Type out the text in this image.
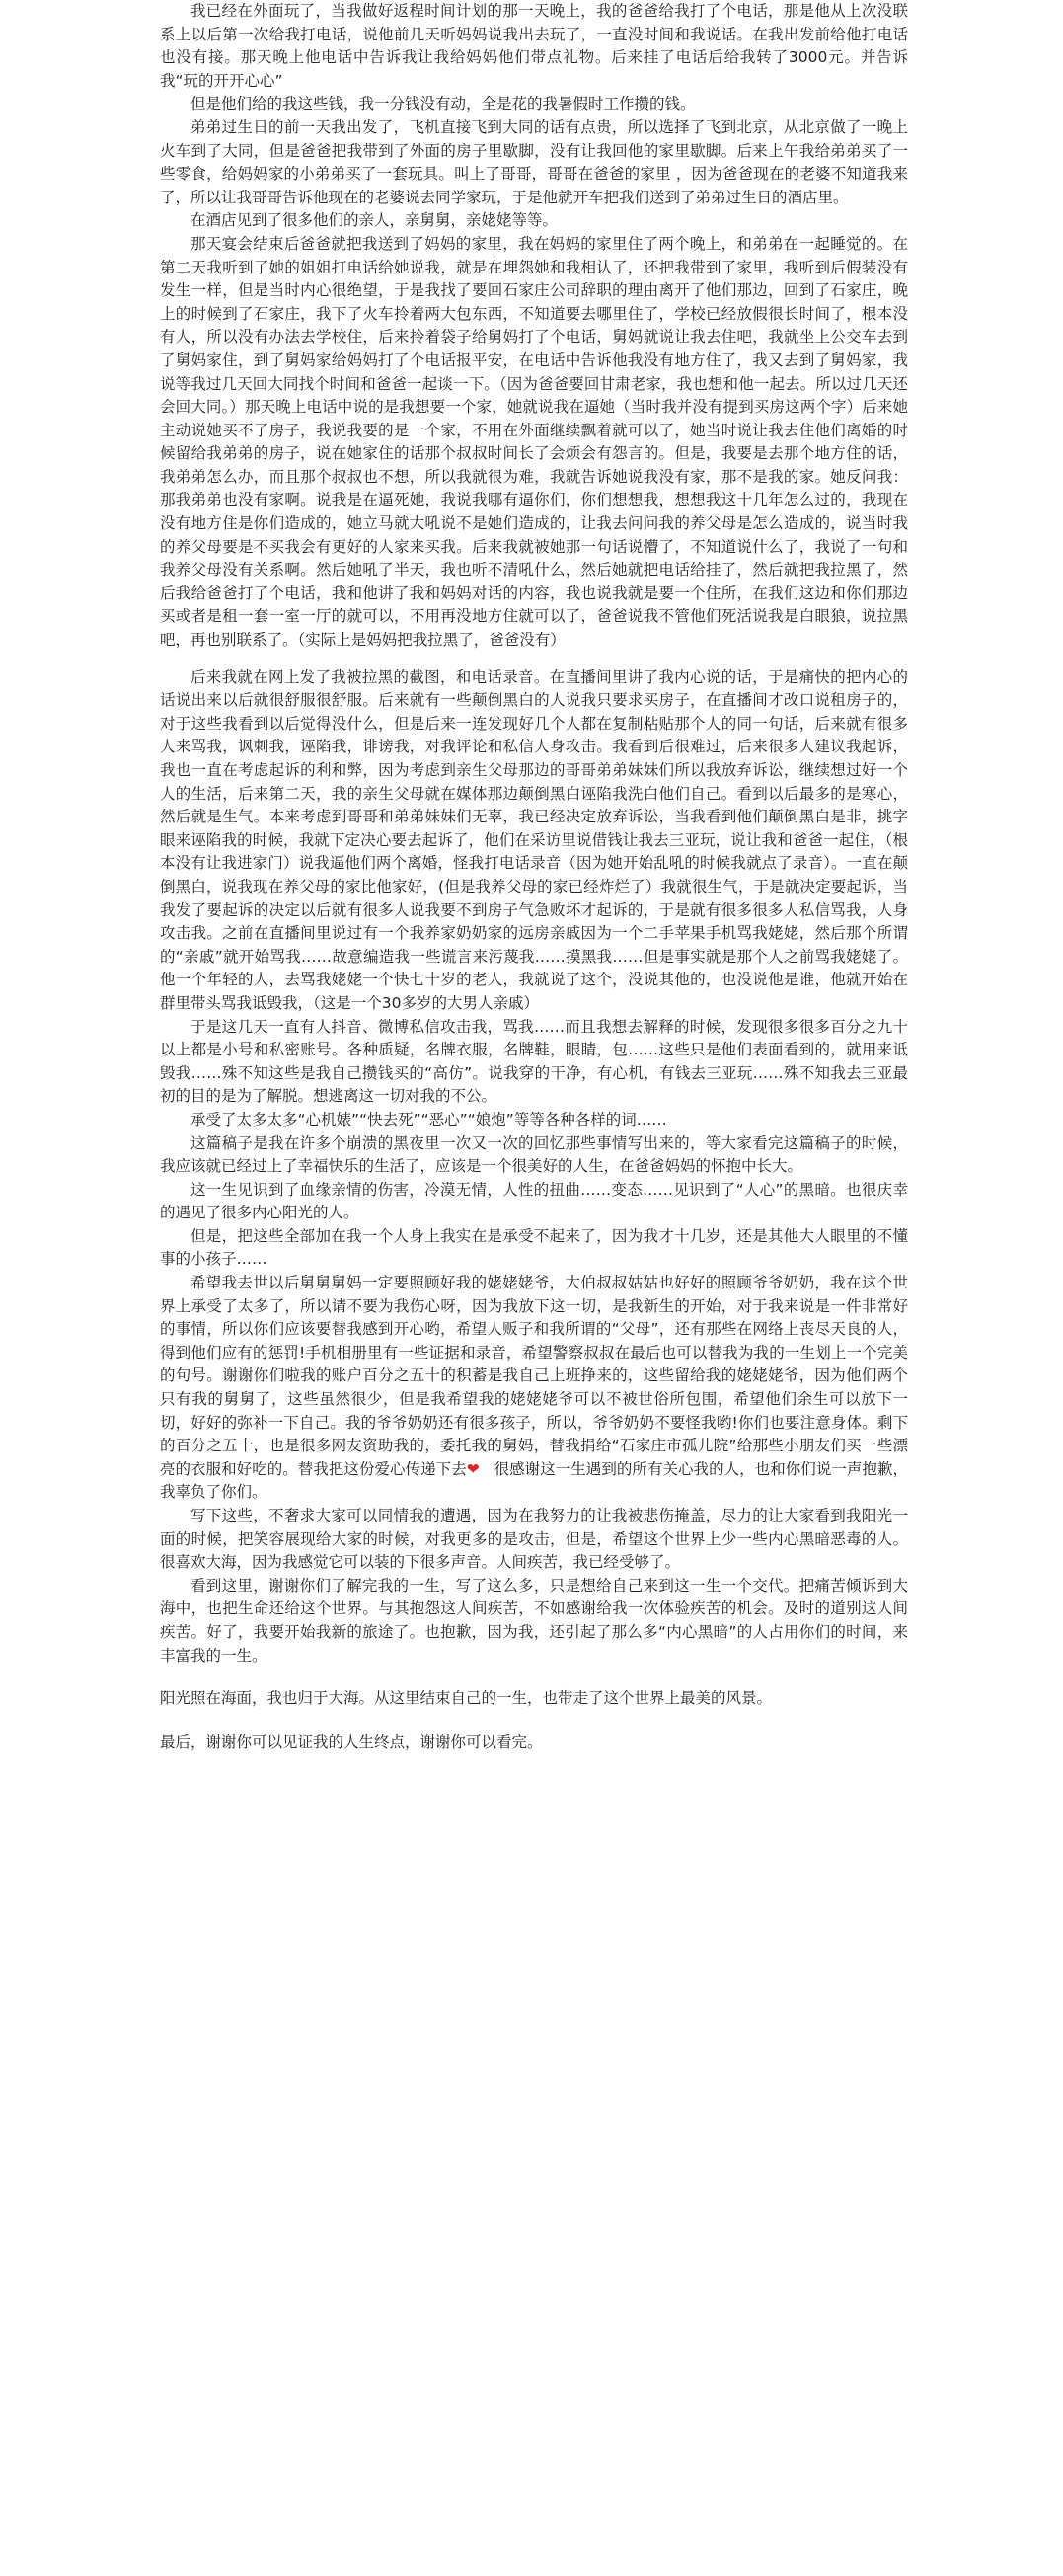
我已经在外面玩了，当我做好返程时间计划的那一天晚上，我的爸爸给我打了个电话，那是他从上次没联系上以后第一次给我打电话，说他前几天听妈妈说我出去玩了，一直没时间和我说话。在我出发前给他打电话也没有接。那天晚上他电话中告诉我让我给妈妈他们带点礼物。后来挂了电话后给我转了3000元。并告诉我“玩的开开心心”

但是他们给的我这些钱，我一分钱没有动，全是花的我暑假时工作攒的钱。

弟弟过生日的前一天我出发了，飞机直接飞到大同的话有点贵，所以选择了飞到北京，从北京做了一晚上火车到了大同，但是爸爸把我带到了外面的房子里歇脚，没有让我回他的家里歇脚。后来上午我给弟弟买了一些零食，给妈妈家的小弟弟买了一套玩具。叫上了哥哥，哥哥在爸爸的家里 ，因为爸爸现在的老婆不知道我来了，所以让我哥哥告诉他现在的老婆说去同学家玩，于是他就开车把我们送到了弟弟过生日的酒店里。

在酒店见到了很多他们的亲人，亲舅舅，亲姥姥等等。

那天宴会结束后爸爸就把我送到了妈妈的家里，我在妈妈的家里住了两个晚上，和弟弟在一起睡觉的。在第二天我听到了她的姐姐打电话给她说我，就是在埋怨她和我相认了，还把我带到了家里，我听到后假装没有发生一样，但是当时内心很绝望，于是我找了要回石家庄公司辞职的理由离开了他们那边，回到了石家庄，晚上的时候到了石家庄，我下了火车拎着两大包东西，不知道要去哪里住了，学校已经放假很长时间了，根本没有人，所以没有办法去学校住，后来拎着袋子给舅妈打了个电话，舅妈就说让我去住吧，我就坐上公交车去到了舅妈家住，到了舅妈家给妈妈打了个电话报平安，在电话中告诉他我没有地方住了，我又去到了舅妈家，我说等我过几天回大同找个时间和爸爸一起谈一下。（因为爸爸要回甘肃老家，我也想和他一起去。所以过几天还会回大同。）那天晚上电话中说的是我想要一个家，她就说我在逼她（当时我并没有提到买房这两个字）后来她主动说她买不了房子，我说我要的是一个家，不用在外面继续飘着就可以了，她当时说让我去住他们离婚的时候留给我弟弟的房子，说在她家住的话那个叔叔时间长了会烦会有怨言的。但是，我要是去那个地方住的话，我弟弟怎么办，而且那个叔叔也不想，所以我就很为难，我就告诉她说我没有家，那不是我的家。她反问我：那我弟弟也没有家啊。说我是在逼死她，我说我哪有逼你们，你们想想我，想想我这十几年怎么过的，我现在没有地方住是你们造成的，她立马就大吼说不是她们造成的，让我去问问我的养父母是怎么造成的，说当时我的养父母要是不买我会有更好的人家来买我。后来我就被她那一句话说懵了，不知道说什么了，我说了一句和我养父母没有关系啊。然后她吼了半天，我也听不清吼什么，然后她就把电话给挂了，然后就把我拉黑了，然后我给爸爸打了个电话，我和他讲了我和妈妈对话的内容，我也说我就是要一个住所，在我们这边和你们那边买或者是租一套一室一厅的就可以，不用再没地方住就可以了，爸爸说我不管他们死活说我是白眼狼，说拉黑吧，再也别联系了。（实际上是妈妈把我拉黑了，爸爸没有）

后来我就在网上发了我被拉黑的截图，和电话录音。在直播间里讲了我内心说的话，于是痛快的把内心的话说出来以后就很舒服很舒服。后来就有一些颠倒黑白的人说我只要求买房子，在直播间才改口说租房子的，对于这些我看到以后觉得没什么，但是后来一连发现好几个人都在复制粘贴那个人的同一句话，后来就有很多人来骂我，讽刺我，诬陷我，诽谤我，对我评论和私信人身攻击。我看到后很难过，后来很多人建议我起诉，我也一直在考虑起诉的利和弊，因为考虑到亲生父母那边的哥哥弟弟妹妹们所以我放弃诉讼，继续想过好一个人的生活，后来第二天，我的亲生父母就在媒体那边颠倒黑白诬陷我洗白他们自己。看到以后最多的是寒心，然后就是生气。本来考虑到哥哥和弟弟妹妹们无辜，我已经决定放弃诉讼，当我看到他们颠倒黑白是非，挑字眼来诬陷我的时候，我就下定决心要去起诉了，他们在采访里说借钱让我去三亚玩，说让我和爸爸一起住，（根本没有让我进家门）说我逼他们两个离婚，怪我打电话录音（因为她开始乱吼的时候我就点了录音）。一直在颠倒黑白，说我现在养父母的家比他家好，(但是我养父母的家已经炸烂了）我就很生气，于是就决定要起诉，当我发了要起诉的决定以后就有很多人说我要不到房子气急败坏才起诉的，于是就有很多很多人私信骂我，人身攻击我。之前在直播间里说过有一个我养家奶奶家的远房亲戚因为一个二手苹果手机骂我姥姥，然后那个所谓的“亲戚”就开始骂我……故意编造我一些谎言来污蔑我……摸黑我……但是事实就是那个人之前骂我姥姥了。他一个年轻的人，去骂我姥姥一个快七十岁的老人，我就说了这个，没说其他的，也没说他是谁，他就开始在群里带头骂我诋毁我，（这是一个30多岁的大男人亲戚）

于是这几天一直有人抖音、微博私信攻击我，骂我……而且我想去解释的时候，发现很多很多百分之九十以上都是小号和私密账号。各种质疑，名牌衣服，名牌鞋，眼睛，包……这些只是他们表面看到的，就用来诋毁我……殊不知这些是我自己攒钱买的“高仿”。说我穿的干净，有心机，有钱去三亚玩……殊不知我去三亚最初的目的是为了解脱。想逃离这一切对我的不公。

承受了太多太多“心机婊”“快去死”“恶心”“娘炮”等等各种各样的词……

这篇稿子是我在许多个崩溃的黑夜里一次又一次的回忆那些事情写出来的，等大家看完这篇稿子的时候，我应该就已经过上了幸福快乐的生活了，应该是一个很美好的人生，在爸爸妈妈的怀抱中长大。

这一生见识到了血缘亲情的伤害，冷漠无情，人性的扭曲……变态……见识到了“人心”的黑暗。也很庆幸的遇见了很多内心阳光的人。

但是，把这些全部加在我一个人身上我实在是承受不起来了，因为我才十几岁，还是其他大人眼里的不懂事的小孩子……

希望我去世以后舅舅舅妈一定要照顾好我的姥姥姥爷，大伯叔叔姑姑也好好的照顾爷爷奶奶，我在这个世界上承受了太多了，所以请不要为我伤心呀，因为我放下这一切，是我新生的开始，对于我来说是一件非常好的事情，所以你们应该要替我感到开心哟，希望人贩子和我所谓的“父母”，还有那些在网络上丧尽天良的人，得到他们应有的惩罚!手机相册里有一些证据和录音，希望警察叔叔在最后也可以替我为我的一生划上一个完美的句号。谢谢你们啦我的账户百分之五十的积蓄是我自己上班挣来的，这些留给我的姥姥姥爷，因为他们两个只有我的舅舅了，这些虽然很少，但是我希望我的姥姥姥爷可以不被世俗所包围，希望他们余生可以放下一切，好好的弥补一下自己。我的爷爷奶奶还有很多孩子，所以，爷爷奶奶不要怪我哟!你们也要注意身体。剩下的百分之五十，也是很多网友资助我的，委托我的舅妈，替我捐给“石家庄市孤儿院”给那些小朋友们买一些漂亮的衣服和好吃的。替我把这份爱心传递下去❤ 很感谢这一生遇到的所有关心我的人，也和你们说一声抱歉，我辜负了你们。

写下这些，不奢求大家可以同情我的遭遇，因为在我努力的让我被悲伤掩盖，尽力的让大家看到我阳光一面的时候，把笑容展现给大家的时候，对我更多的是攻击，但是，希望这个世界上少一些内心黑暗恶毒的人。很喜欢大海，因为我感觉它可以装的下很多声音。人间疾苦，我已经受够了。

看到这里，谢谢你们了解完我的一生，写了这么多，只是想给自己来到这一生一个交代。把痛苦倾诉到大海中，也把生命还给这个世界。与其抱怨这人间疾苦，不如感谢给我一次体验疾苦的机会。及时的道别这人间疾苦。好了，我要开始我新的旅途了。也抱歉，因为我，还引起了那么多“内心黑暗”的人占用你们的时间，来丰富我的一生。

阳光照在海面，我也归于大海。从这里结束自己的一生，也带走了这个世界上最美的风景。

最后，谢谢你可以见证我的人生终点，谢谢你可以看完。
